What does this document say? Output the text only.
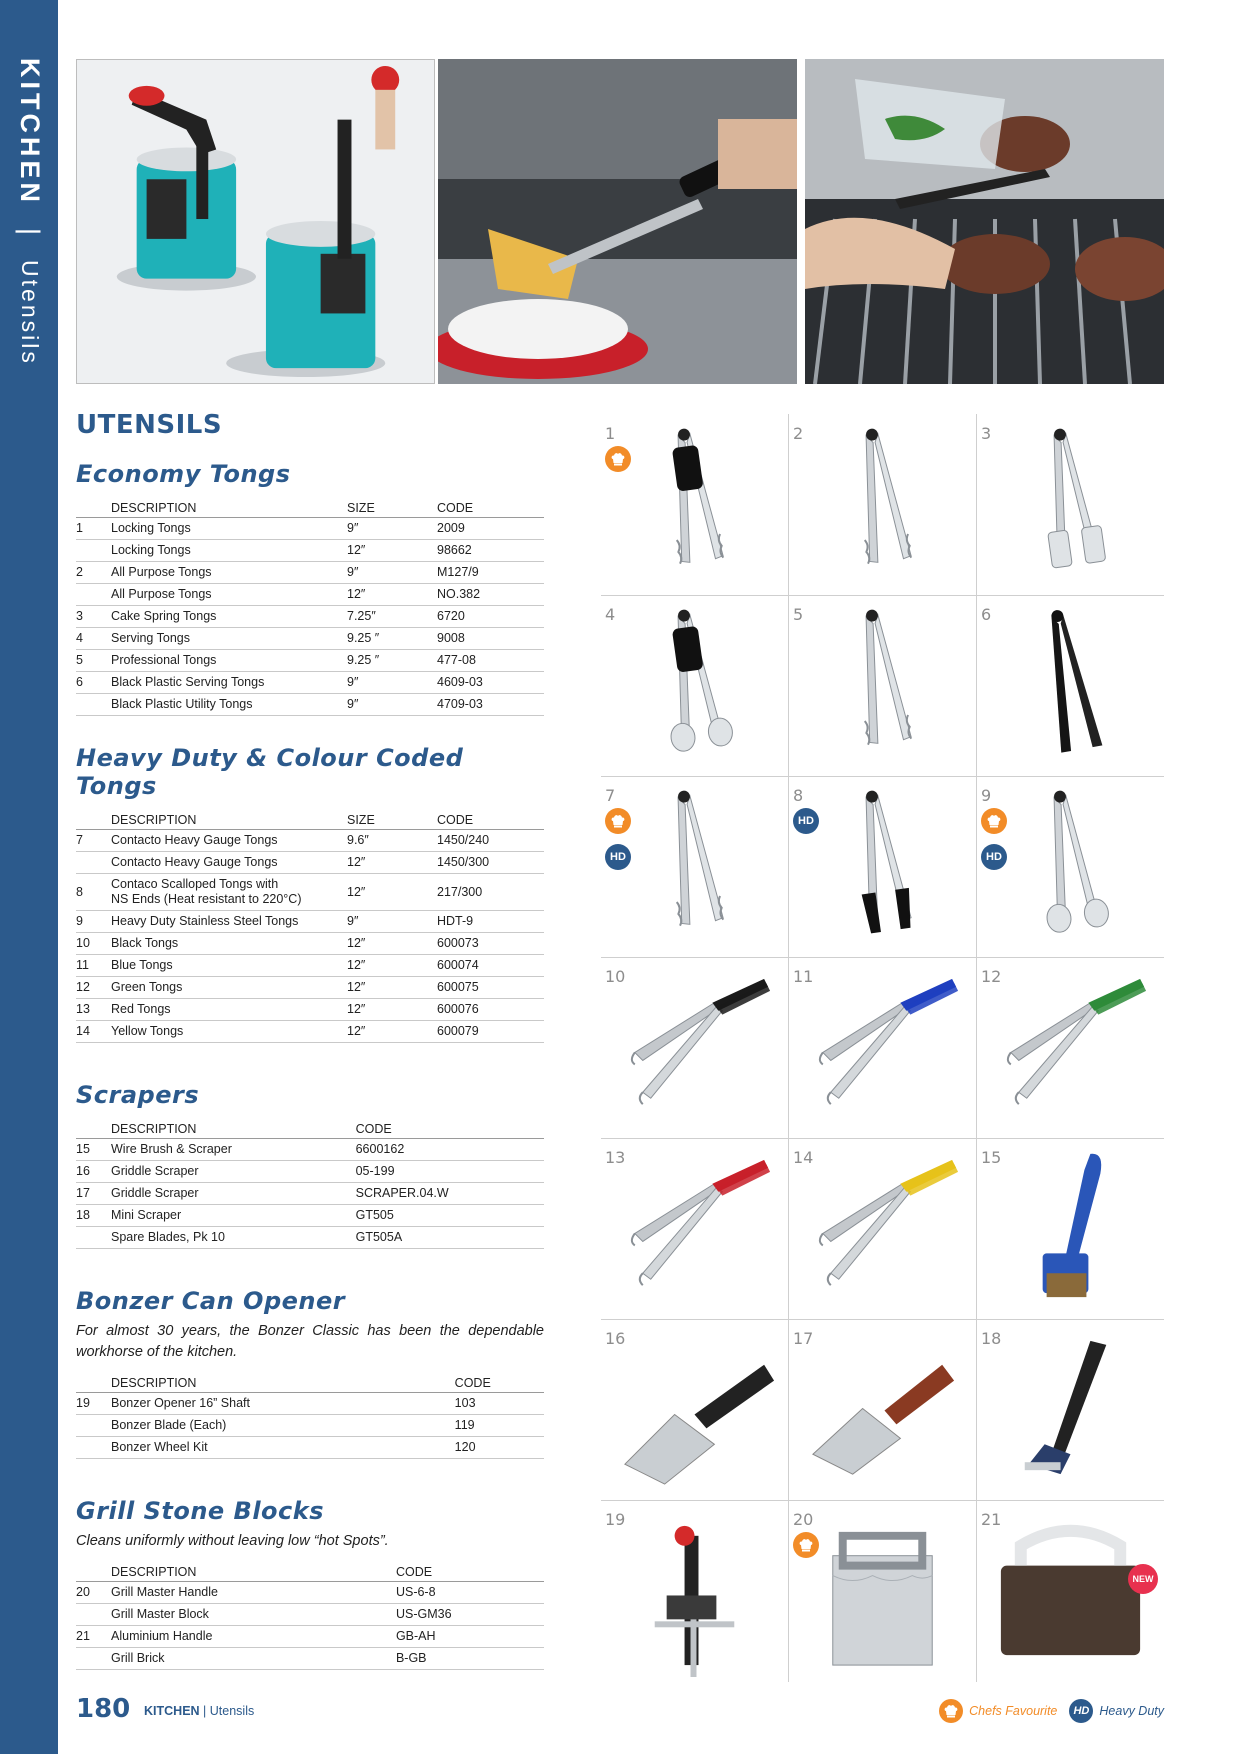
KITCHEN | Utensils
UTENSILS
Economy Tongs
	DESCRIPTION	SIZE	CODE
1	Locking Tongs	9″	2009
	Locking Tongs	12″	98662
2	All Purpose Tongs	9″	M127/9
	All Purpose Tongs	12″	NO.382
3	Cake Spring Tongs	7.25″	6720
4	Serving Tongs	9.25 ″	9008
5	Professional Tongs	9.25 ″	477-08
6	Black Plastic Serving Tongs	9″	4609-03
	Black Plastic Utility Tongs	9″	4709-03
Heavy Duty & Colour Coded Tongs
	DESCRIPTION	SIZE	CODE
7	Contacto Heavy Gauge Tongs	9.6″	1450/240
	Contacto Heavy Gauge Tongs	12″	1450/300
8	Contaco Scalloped Tongs with
NS Ends (Heat resistant to 220°C)	12″	217/300
9	Heavy Duty Stainless Steel Tongs	9″	HDT-9
10	Black Tongs	12″	600073
11	Blue Tongs	12″	600074
12	Green Tongs	12″	600075
13	Red Tongs	12″	600076
14	Yellow Tongs	12″	600079
Scrapers
	DESCRIPTION	CODE
15	Wire Brush & Scraper	6600162
16	Griddle Scraper	05-199
17	Griddle Scraper	SCRAPER.04.W
18	Mini Scraper	GT505
	Spare Blades, Pk 10	GT505A
Bonzer Can Opener

For almost 30 years, the Bonzer Classic has been the dependable workhorse of the kitchen.

	DESCRIPTION	CODE
19	Bonzer Opener 16” Shaft	103
	Bonzer Blade (Each)	119
	Bonzer Wheel Kit	120
Grill Stone Blocks

Cleans uniformly without leaving low “hot Spots”.

	DESCRIPTION	CODE
20	Grill Master Handle	US-6-8
	Grill Master Block	US-GM36
21	Aluminium Handle	GB-AH
	Grill Brick	B-GB
1	2	3
4	5	6
7
HD
8
HD
9
HD
10	11	12
13	14	15
16	17	18
19	20	21
NEW
180 KITCHEN | Utensils	Chefs Favourite	HD Heavy Duty
